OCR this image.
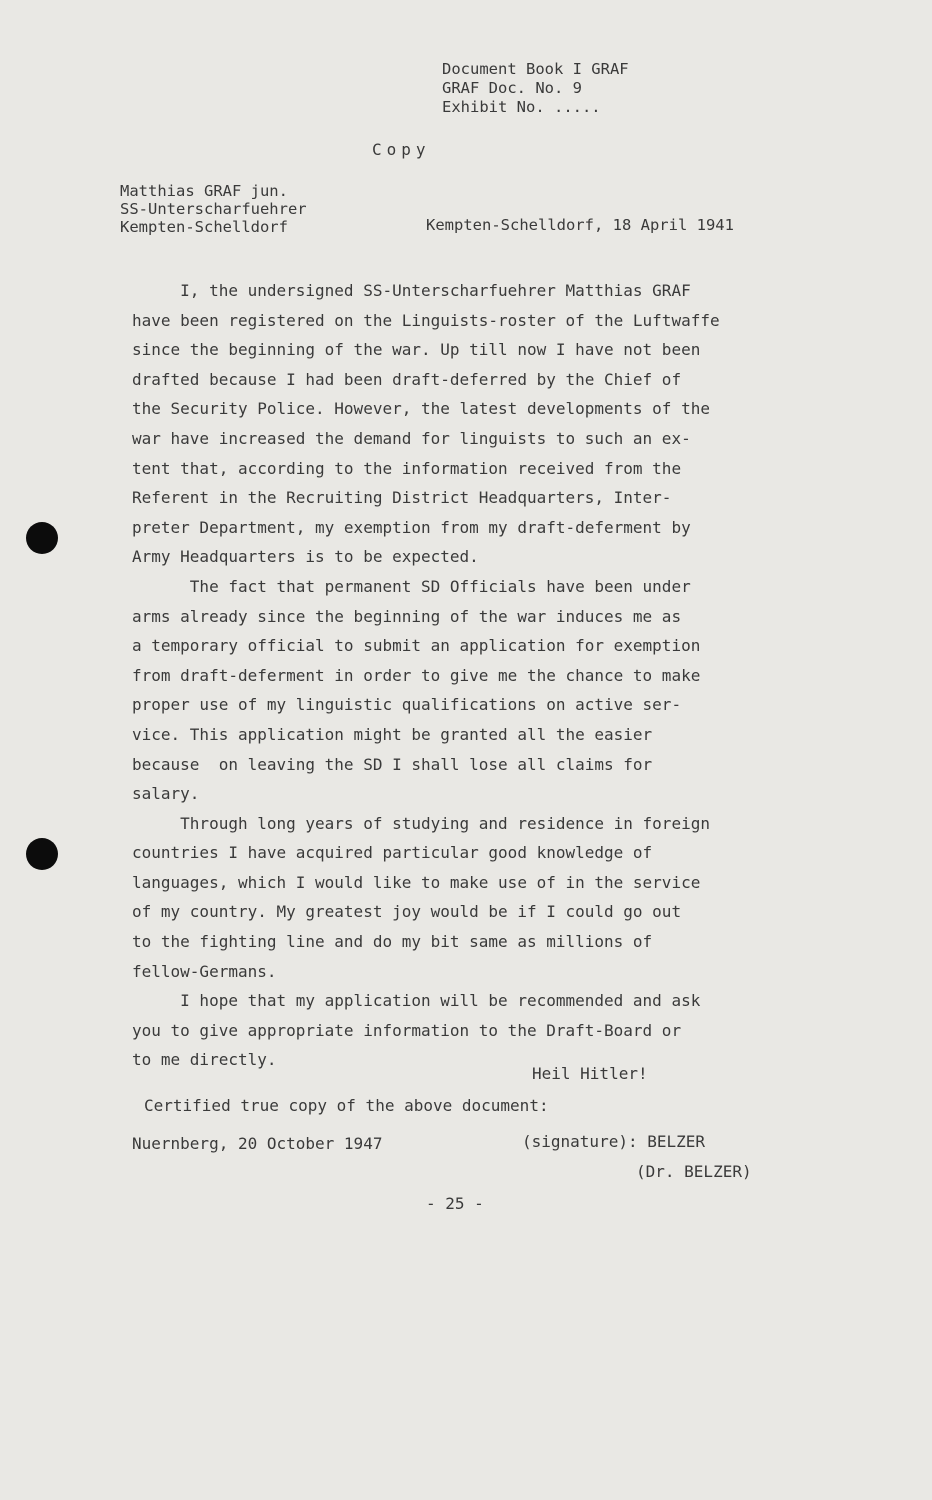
Document Book I GRAF
GRAF Doc. No. 9
Exhibit No. .....
Copy
Matthias GRAF jun.
SS-Unterscharfuehrer
Kempten-Schelldorf	Kempten-Schelldorf, 18 April 1941
I, the undersigned SS-Unterscharfuehrer Matthias GRAF
have been registered on the Linguists-roster of the Luftwaffe
since the beginning of the war. Up till now I have not been
drafted because I had been draft-deferred by the Chief of
the Security Police. However, the latest developments of the
war have increased the demand for linguists to such an ex-
tent that, according to the information received from the
Referent in the Recruiting District Headquarters, Inter-
preter Department, my exemption from my draft-deferment by
Army Headquarters is to be expected.
The fact that permanent SD Officials have been under
arms already since the beginning of the war induces me as
a temporary official to submit an application for exemption
from draft-deferment in order to give me the chance to make
proper use of my linguistic qualifications on active ser-
vice. This application might be granted all the easier
because  on leaving the SD I shall lose all claims for
salary.
Through long years of studying and residence in foreign
countries I have acquired particular good knowledge of
languages, which I would like to make use of in the service
of my country. My greatest joy would be if I could go out
to the fighting line and do my bit same as millions of
fellow-Germans.
I hope that my application will be recommended and ask
you to give appropriate information to the Draft-Board or
to me directly.
Heil Hitler!
Certified true copy of the above document:
Nuernberg, 20 October 1947	(signature): BELZER
(Dr. BELZER)
- 25 -
